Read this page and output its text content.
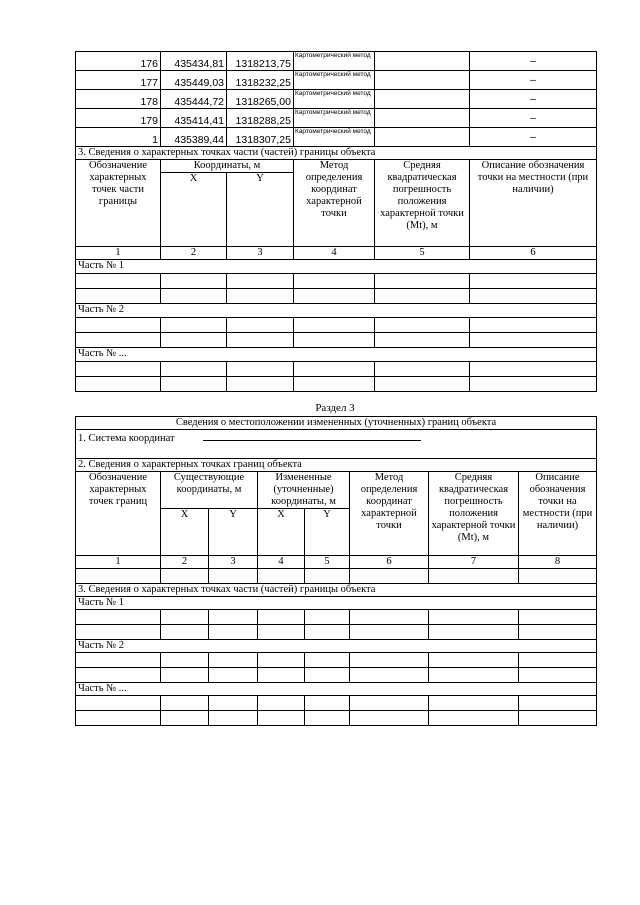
176	435434,81	1318213,75	Картометрический метод		–
177	435449,03	1318232,25	Картометрический метод		–
178	435444,72	1318265,00	Картометрический метод		–
179	435414,41	1318288,25	Картометрический метод		–
1	435389,44	1318307,25	Картометрический метод		–
3. Сведения о характерных точках части (частей) границы объекта					
Обозначение характерных точек части границы	Координаты, м		Метод определения координат характерной точки	Средняя квадратическая погрешность положения характерной точки (Mt), м	Описание обозначения точки на местности (при наличии)
	X	Y			
1	2	3	4	5	6
Часть № 1					

Часть № 2					

Часть № ...					

Раздел 3
Сведения о местоположении измененных (уточненных) границ объекта							
1. Система координат							
2. Сведения о характерных точках границ объекта							
Обозначение характерных точек границ	Существующие координаты, м		Измененные (уточненные) координаты, м		Метод определения координат характерной точки	Средняя квадратическая погрешность положения характерной точки (Mt), м	Описание обозначения точки на местности (при наличии)
	X	Y	X	Y			
1	2	3	4	5	6	7	8

3. Сведения о характерных точках части (частей) границы объекта							
Часть № 1							

Часть № 2							

Часть № ...							
